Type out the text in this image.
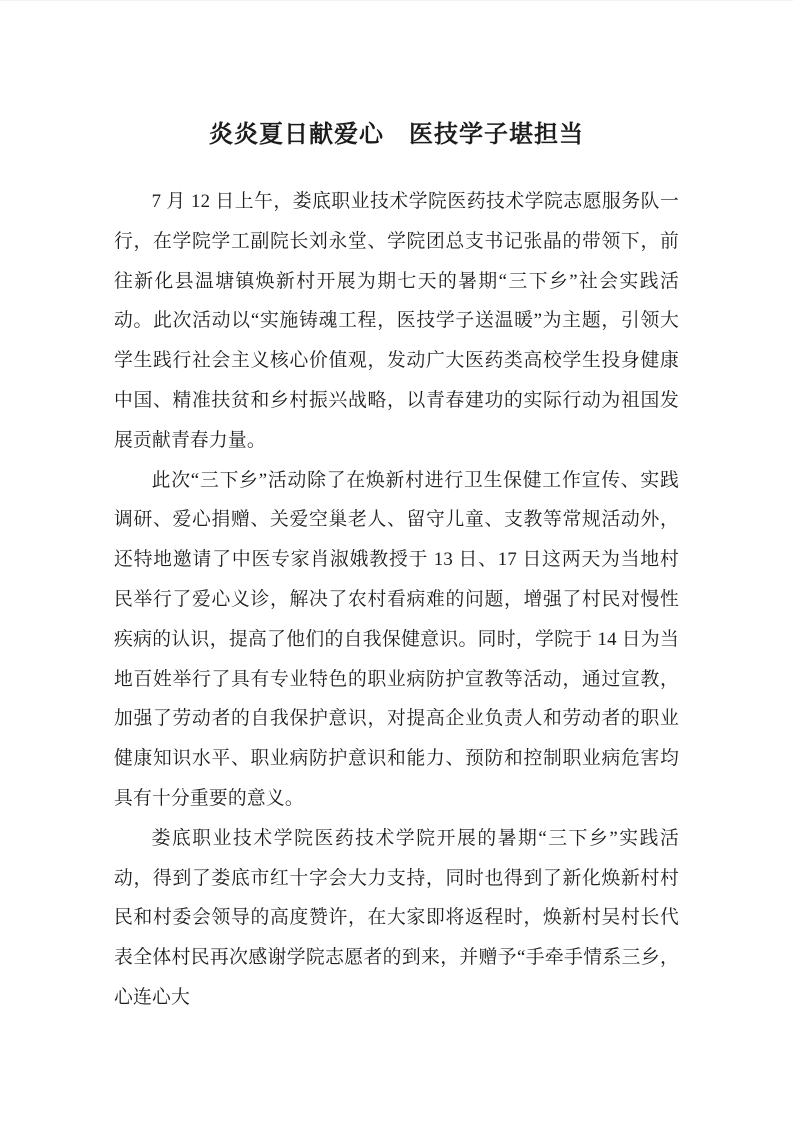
炎炎夏日献爱心　医技学子堪担当

7 月 12 日上午，娄底职业技术学院医药技术学院志愿服务队一行，在学院学工副院长刘永堂、学院团总支书记张晶的带领下，前往新化县温塘镇焕新村开展为期七天的暑期“三下乡”社会实践活动。此次活动以“实施铸魂工程，医技学子送温暖”为主题，引领大学生践行社会主义核心价值观，发动广大医药类高校学生投身健康中国、精准扶贫和乡村振兴战略，以青春建功的实际行动为祖国发展贡献青春力量。

此次“三下乡”活动除了在焕新村进行卫生保健工作宣传、实践调研、爱心捐赠、关爱空巢老人、留守儿童、支教等常规活动外，还特地邀请了中医专家肖淑娥教授于 13 日、17 日这两天为当地村民举行了爱心义诊，解决了农村看病难的问题，增强了村民对慢性疾病的认识，提高了他们的自我保健意识。同时，学院于 14 日为当地百姓举行了具有专业特色的职业病防护宣教等活动，通过宣教，加强了劳动者的自我保护意识，对提高企业负责人和劳动者的职业健康知识水平、职业病防护意识和能力、预防和控制职业病危害均具有十分重要的意义。

娄底职业技术学院医药技术学院开展的暑期“三下乡”实践活动，得到了娄底市红十字会大力支持，同时也得到了新化焕新村村民和村委会领导的高度赞许，在大家即将返程时，焕新村吴村长代表全体村民再次感谢学院志愿者的到来，并赠予“手牵手情系三乡，心连心大
